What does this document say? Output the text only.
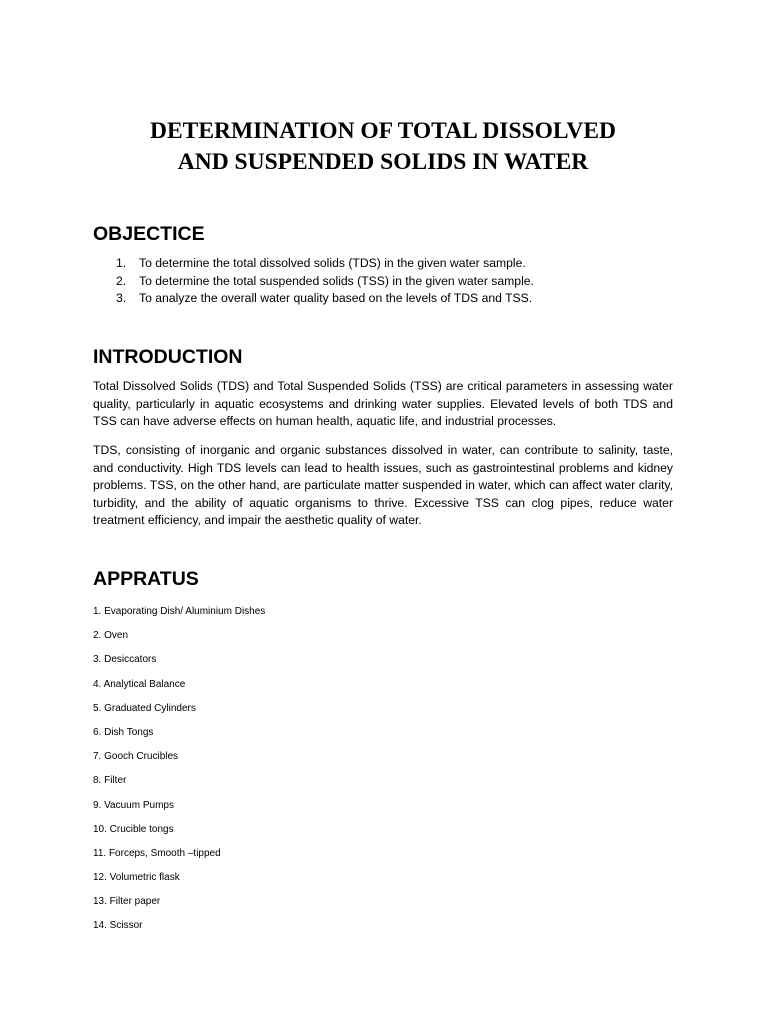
DETERMINATION OF TOTAL DISSOLVED
AND SUSPENDED SOLIDS IN WATER
OBJECTICE
1. To determine the total dissolved solids (TDS) in the given water sample.
2. To determine the total suspended solids (TSS) in the given water sample.
3. To analyze the overall water quality based on the levels of TDS and TSS.
INTRODUCTION

Total Dissolved Solids (TDS) and Total Suspended Solids (TSS) are critical parameters in assessing water quality, particularly in aquatic ecosystems and drinking water supplies. Elevated levels of both TDS and TSS can have adverse effects on human health, aquatic life, and industrial processes.

TDS, consisting of inorganic and organic substances dissolved in water, can contribute to salinity, taste, and conductivity. High TDS levels can lead to health issues, such as gastrointestinal problems and kidney problems. TSS, on the other hand, are particulate matter suspended in water, which can affect water clarity, turbidity, and the ability of aquatic organisms to thrive. Excessive TSS can clog pipes, reduce water treatment efficiency, and impair the aesthetic quality of water.

APPRATUS
1. Evaporating Dish/ Aluminium Dishes
2. Oven
3. Desiccators
4. Analytical Balance
5. Graduated Cylinders
6. Dish Tongs
7. Gooch Crucibles
8. Filter
9. Vacuum Pumps
10. Crucible tongs
11. Forceps, Smooth –tipped
12. Volumetric flask
13. Filter paper
14. Scissor
